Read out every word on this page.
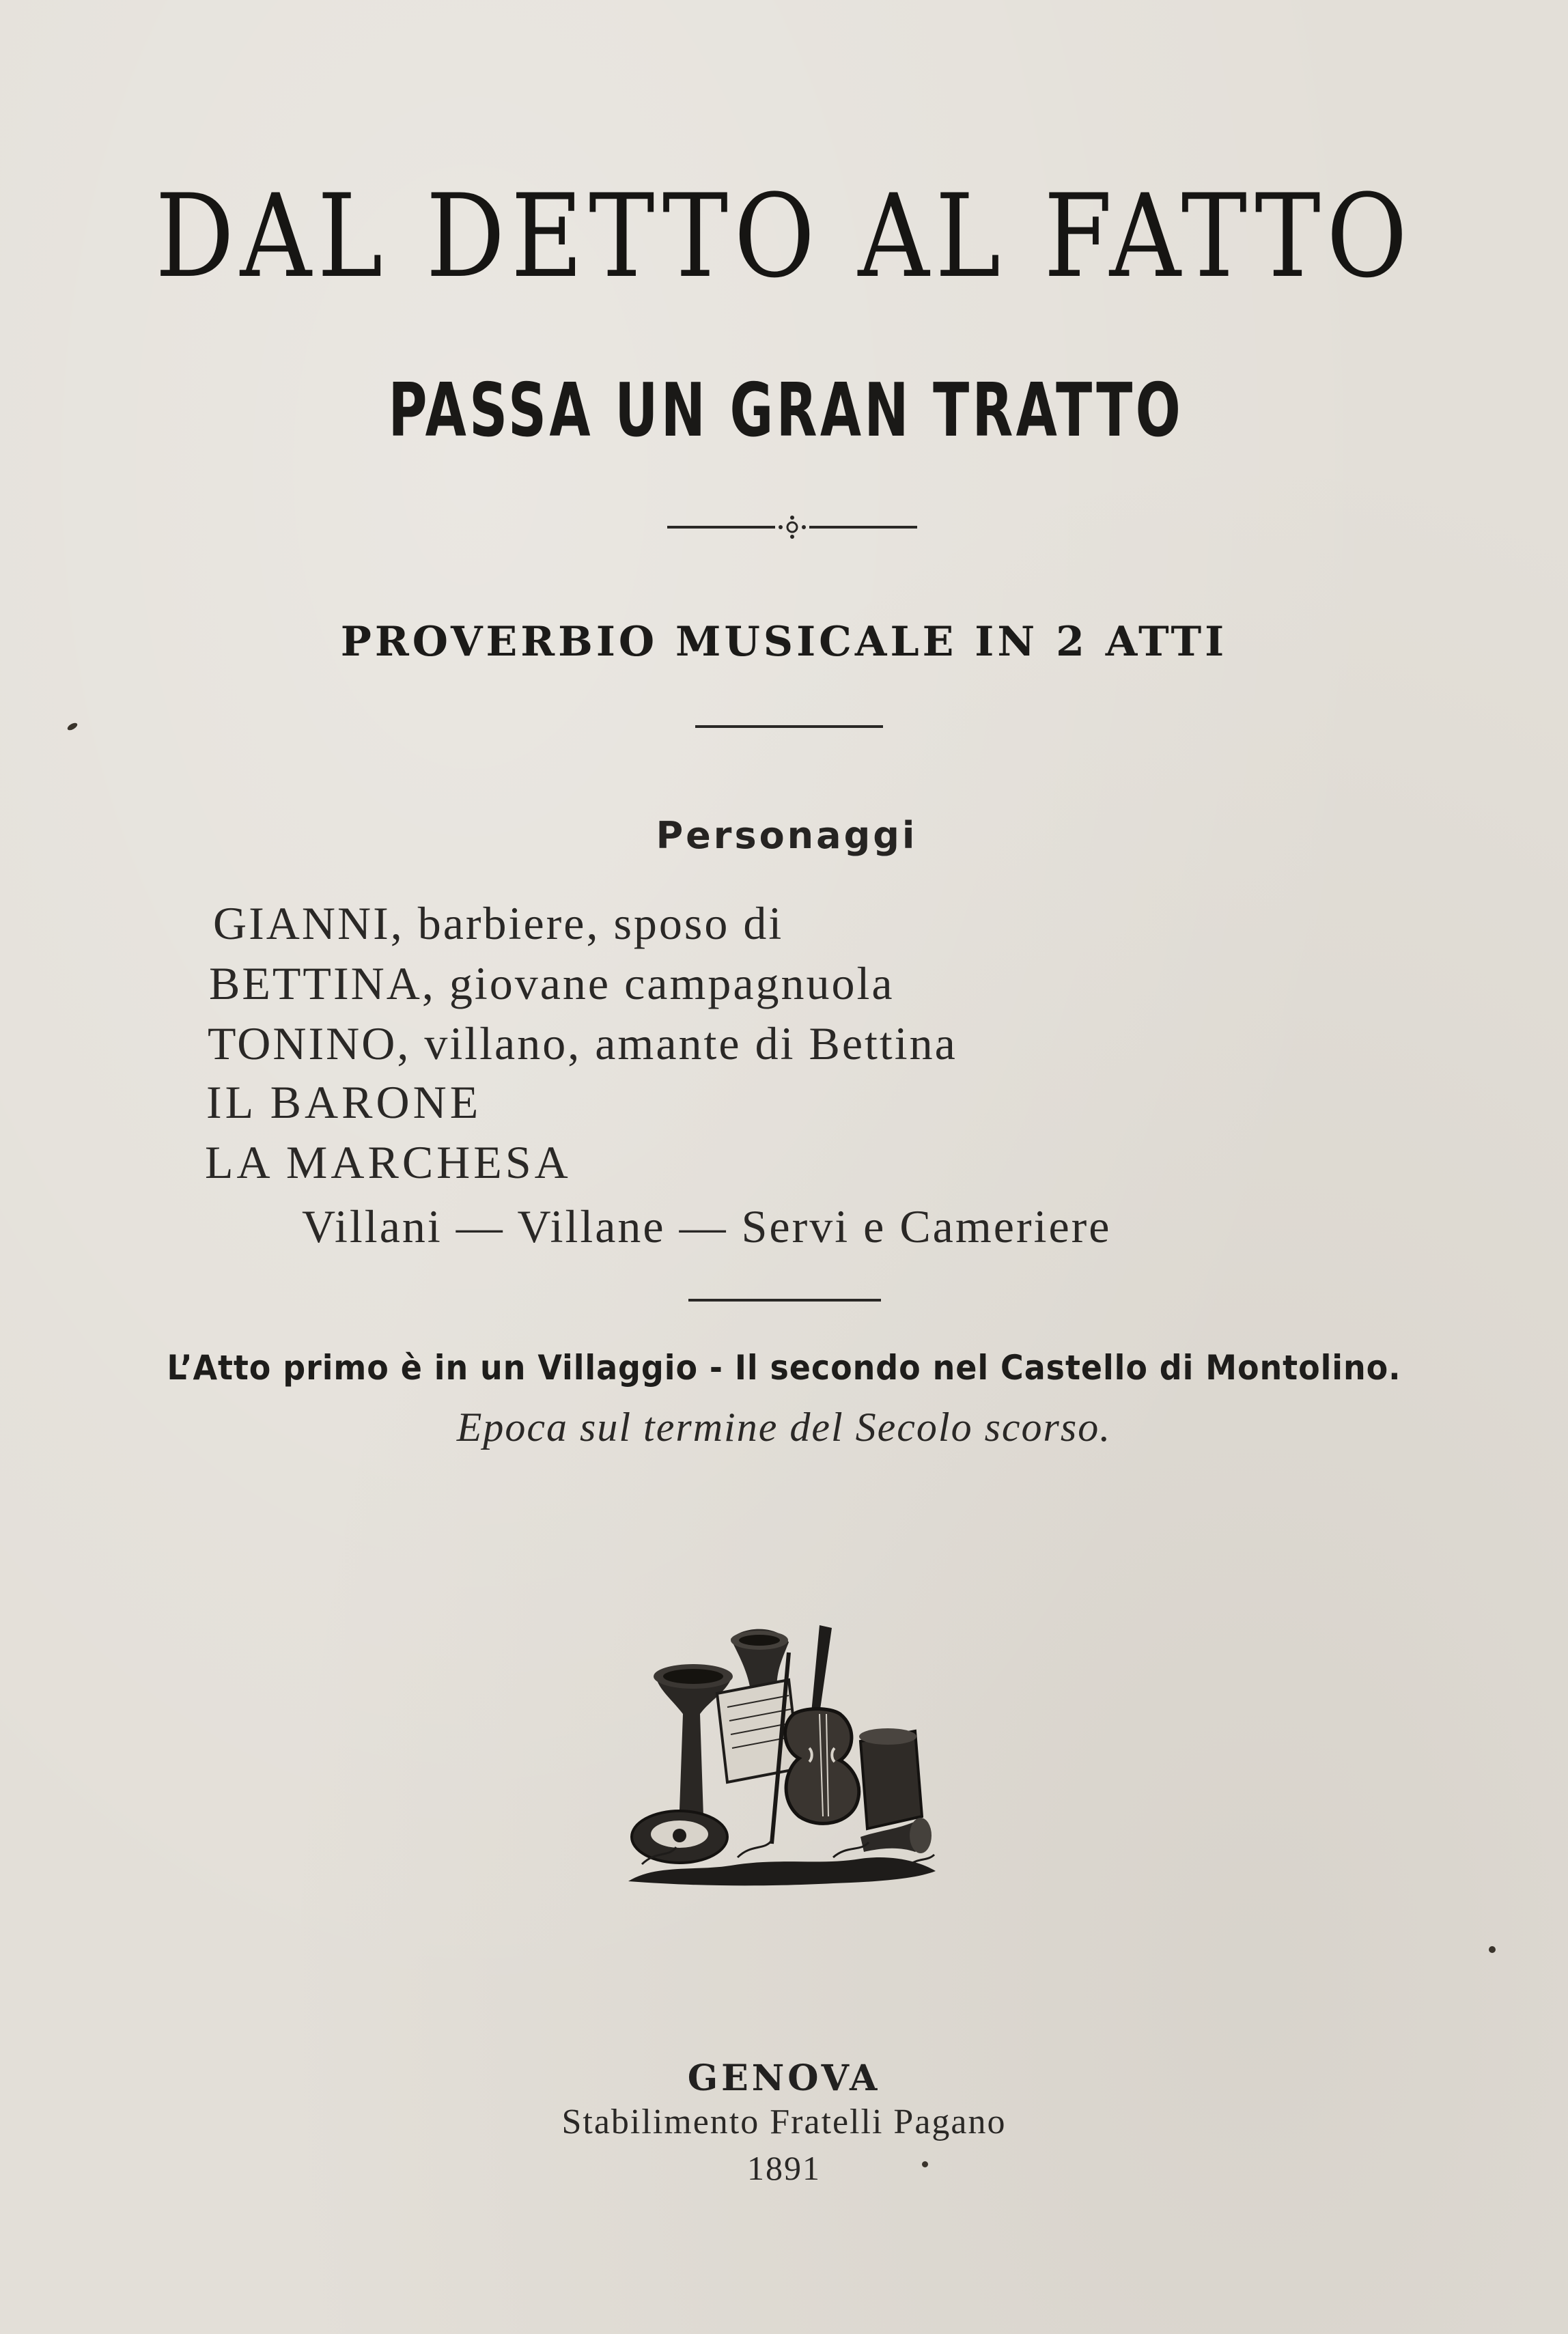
DAL DETTO AL FATTO
PASSA UN GRAN TRATTO

PROVERBIO MUSICALE IN 2 ATTI

Personaggi

GIANNI, barbiere, sposo di

BETTINA, giovane campagnuola

TONINO, villano, amante di Bettina

IL BARONE

LA MARCHESA

Villani — Villane — Servi e Cameriere

L’Atto primo è in un Villaggio - Il secondo nel Castello di Montolino.

Epoca sul termine del Secolo scorso.

GENOVA

Stabilimento Fratelli Pagano

1891
